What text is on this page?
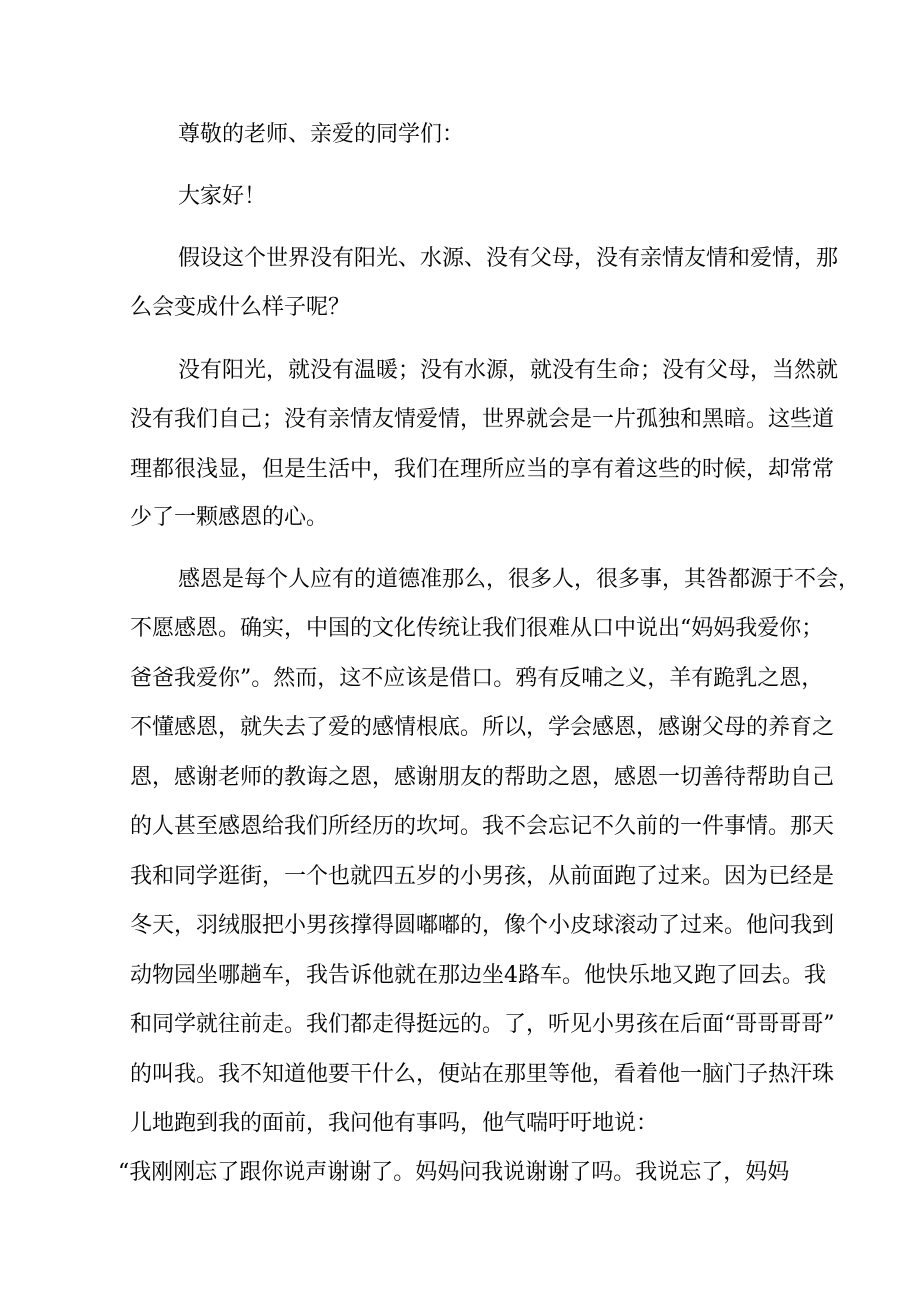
尊敬的老师、亲爱的同学们：
大家好！
假设这个世界没有阳光、水源、没有父母，没有亲情友情和爱情，那
么会变成什么样子呢？
没有阳光，就没有温暖；没有水源，就没有生命；没有父母，当然就
没有我们自己；没有亲情友情爱情，世界就会是一片孤独和黑暗。这些道
理都很浅显，但是生活中，我们在理所应当的享有着这些的时候，却常常
少了一颗感恩的心。
感恩是每个人应有的道德准那么，很多人，很多事，其咎都源于不会，
不愿感恩。确实，中国的文化传统让我们很难从口中说出“妈妈我爱你；
爸爸我爱你”。然而，这不应该是借口。鸦有反哺之义，羊有跪乳之恩，
不懂感恩，就失去了爱的感情根底。所以，学会感恩，感谢父母的养育之
恩，感谢老师的教诲之恩，感谢朋友的帮助之恩，感恩一切善待帮助自己
的人甚至感恩给我们所经历的坎坷。我不会忘记不久前的一件事情。那天
我和同学逛街，一个也就四五岁的小男孩，从前面跑了过来。因为已经是
冬天，羽绒服把小男孩撑得圆嘟嘟的，像个小皮球滚动了过来。他问我到
动物园坐哪趟车，我告诉他就在那边坐4路车。他快乐地又跑了回去。我
和同学就往前走。我们都走得挺远的。了，听见小男孩在后面“哥哥哥哥”
的叫我。我不知道他要干什么，便站在那里等他，看着他一脑门子热汗珠
儿地跑到我的面前，我问他有事吗，他气喘吁吁地说：
“我刚刚忘了跟你说声谢谢了。妈妈问我说谢谢了吗。我说忘了，妈妈
